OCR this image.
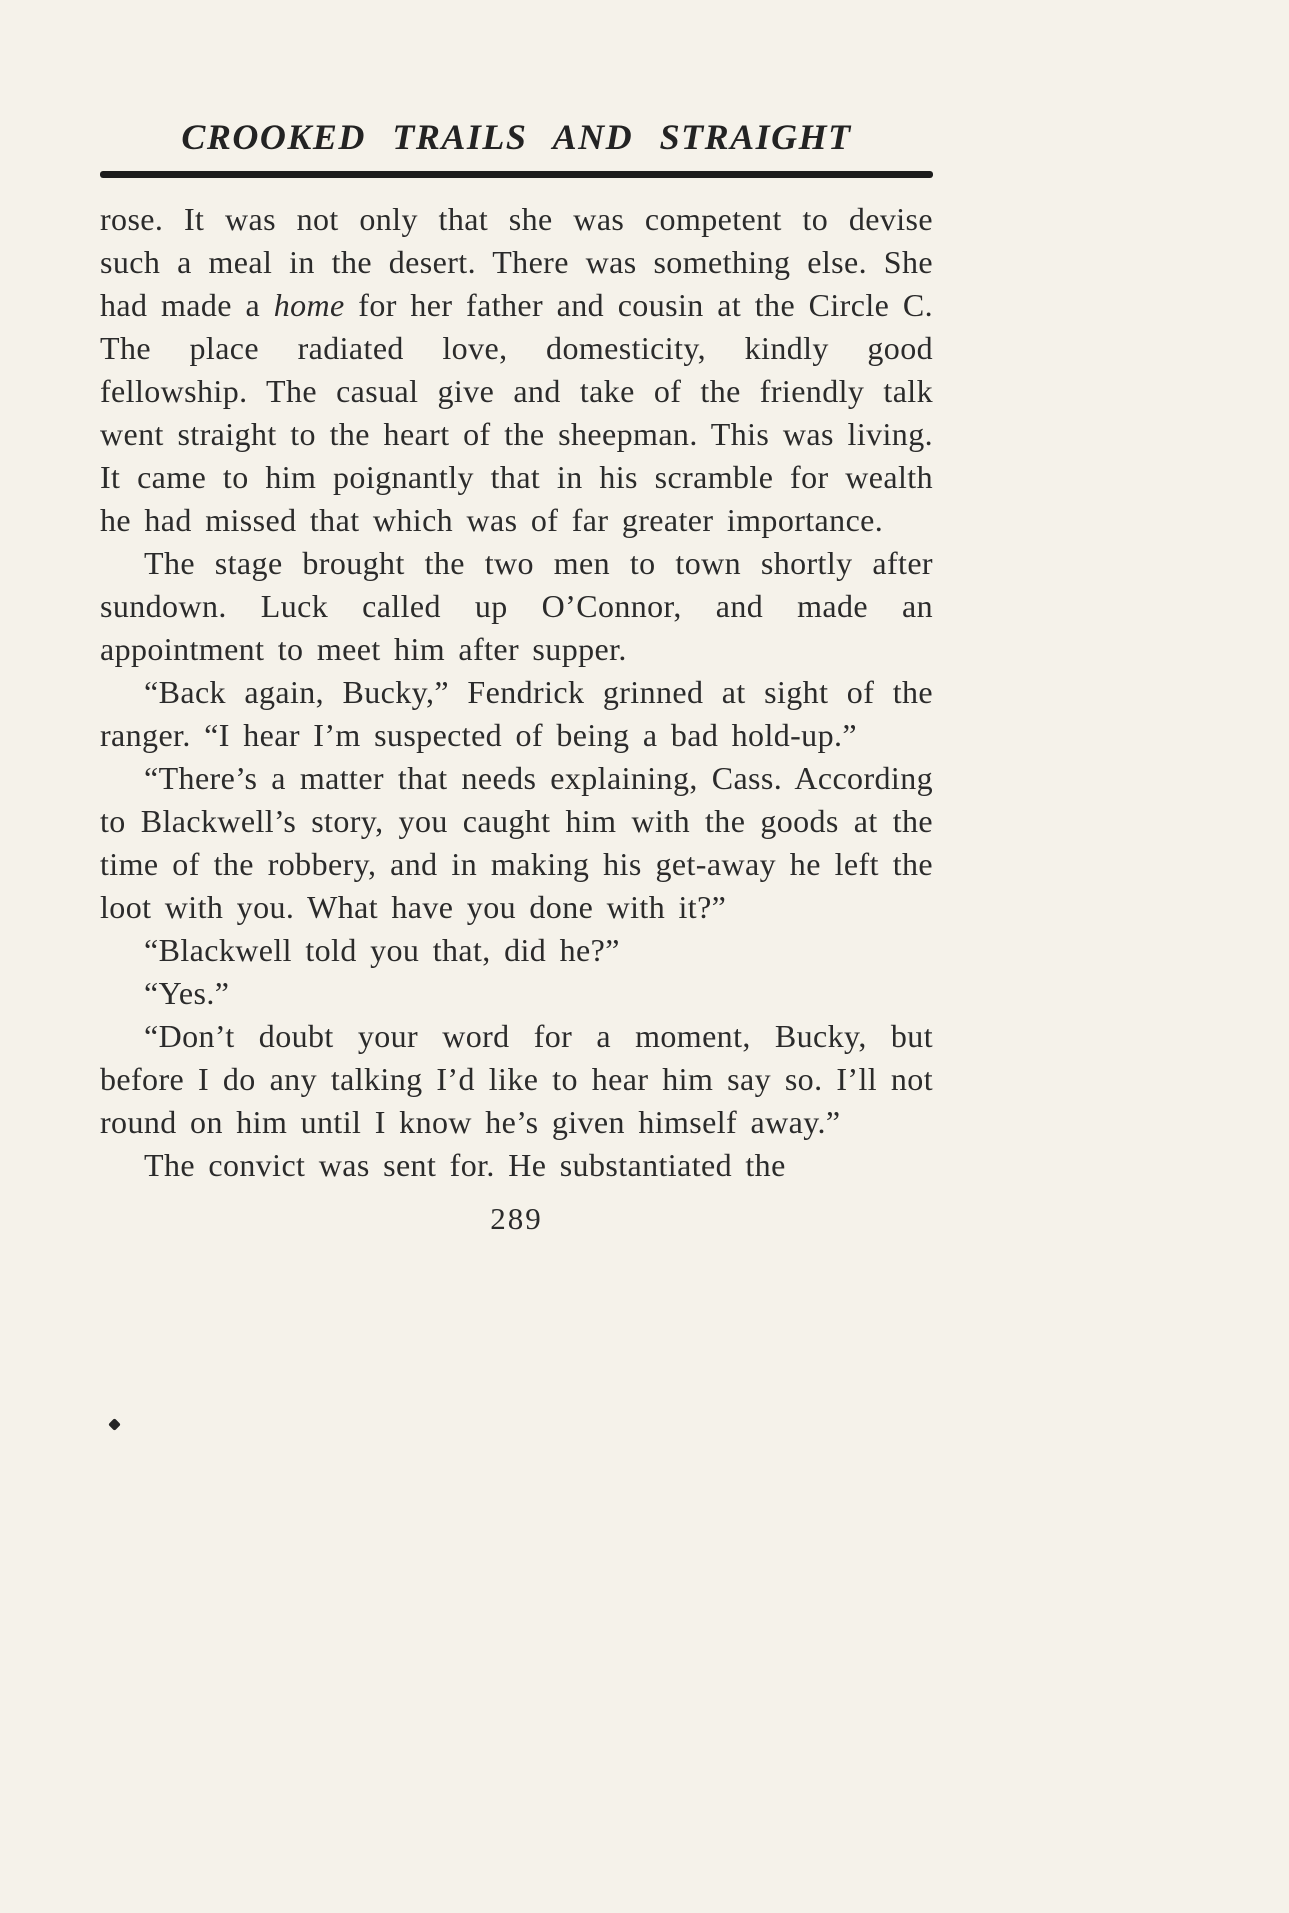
CROOKED TRAILS AND STRAIGHT

rose. It was not only that she was competent to devise such a meal in the desert. There was something else. She had made a home for her father and cousin at the Circle C. The place radiated love, domesticity, kindly good fellowship. The casual give and take of the friendly talk went straight to the heart of the sheepman. This was living. It came to him poignantly that in his scramble for wealth he had missed that which was of far greater importance.

The stage brought the two men to town shortly after sundown. Luck called up O’Connor, and made an appointment to meet him after supper.

“Back again, Bucky,” Fendrick grinned at sight of the ranger. “I hear I’m suspected of being a bad hold-up.”

“There’s a matter that needs explaining, Cass. According to Blackwell’s story, you caught him with the goods at the time of the robbery, and in making his get-away he left the loot with you. What have you done with it?”

“Blackwell told you that, did he?”

“Yes.”

“Don’t doubt your word for a moment, Bucky, but before I do any talking I’d like to hear him say so. I’ll not round on him until I know he’s given himself away.”

The convict was sent for. He substantiated the

289
